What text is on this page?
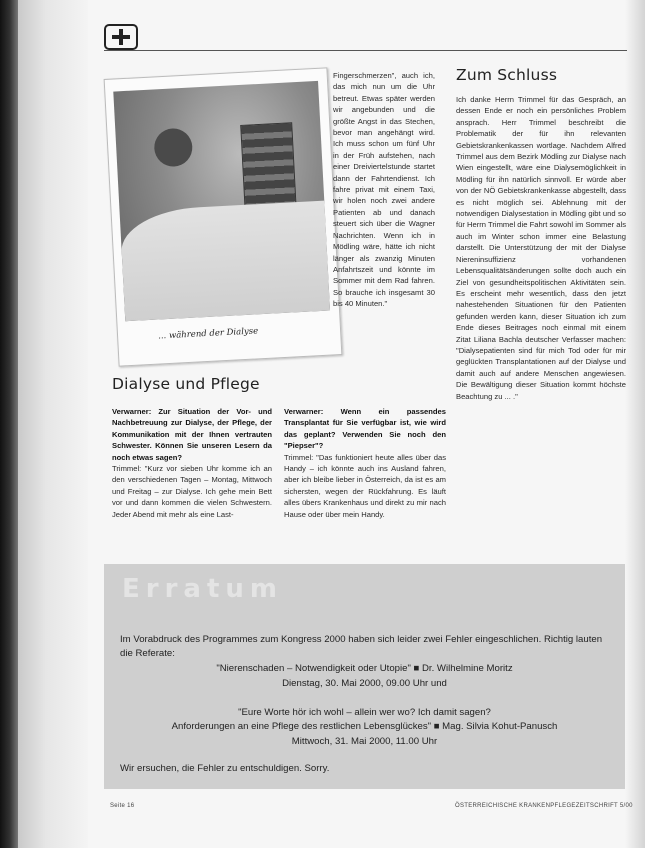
... während der Dialyse

Fingerschmerzen", auch ich, das mich nun um die Uhr betreut. Etwas später werden wir angebunden und die größte Angst in das Stechen, bevor man angehängt wird. Ich muss schon um fünf Uhr in der Früh aufstehen, nach einer Dreiviertelstunde startet dann der Fahrtendienst. Ich fahre privat mit einem Taxi, wir holen noch zwei andere Patienten ab und danach steuert sich über die Wagner Nachrichten. Wenn ich in Mödling wäre, hätte ich nicht länger als zwanzig Minuten Anfahrtszeit und könnte im Sommer mit dem Rad fahren. So brauche ich insgesamt 30 bis 40 Minuten."

Dialyse und Pflege

Verwarner: Zur Situation der Vor- und Nachbetreuung zur Dialyse, der Pflege, der Kommunikation mit der Ihnen vertrauten Schwester. Können Sie unseren Lesern da noch etwas sagen?

Trimmel: "Kurz vor sieben Uhr komme ich an den verschiedenen Tagen – Montag, Mittwoch und Freitag – zur Dialyse. Ich gehe mein Bett vor und dann kommen die vielen Schwestern. Jeder Abend mit mehr als eine Last-

Verwarner: Wenn ein passendes Transplantat für Sie verfügbar ist, wie wird das geplant? Verwenden Sie noch den "Piepser"?

Trimmel: "Das funktioniert heute alles über das Handy – ich könnte auch ins Ausland fahren, aber ich bleibe lieber in Österreich, da ist es am sichersten, wegen der Rückfahrung. Es läuft alles übers Krankenhaus und direkt zu mir nach Hause oder über mein Handy.

Zum Schluss

Ich danke Herrn Trimmel für das Gespräch, an dessen Ende er noch ein persönliches Problem ansprach. Herr Trimmel beschreibt die Problematik der für ihn relevanten Gebietskrankenkassen wortlage. Nachdem Alfred Trimmel aus dem Bezirk Mödling zur Dialyse nach Wien eingestellt, wäre eine Dialysemöglichkeit in Mödling für ihn natürlich sinnvoll. Er würde aber von der NÖ Gebietskrankenkasse abgestellt, dass es nicht möglich sei. Ablehnung mit der notwendigen Dialysestation in Mödling gibt und so für Herrn Trimmel die Fahrt sowohl im Sommer als auch im Winter schon immer eine Belastung darstellt. Die Unterstützung der mit der Dialyse Niereninsuffizienz vorhandenen Lebensqualitätsänderungen sollte doch auch ein Ziel von gesundheitspolitischen Aktivitäten sein. Es erscheint mehr wesentlich, dass den jetzt nahestehenden Situationen für den Patienten gefunden werden kann, dieser Situation ich zum Ende dieses Beitrages noch einmal mit einem Zitat Liliana Bachla deutscher Verfasser machen: "Dialysepatienten sind für mich Tod oder für mir geglückten Transplantationen auf der Dialyse und damit auch auf andere Menschen angewiesen. Die Bewältigung dieser Situation kommt höchste Beachtung zu ... ."

Erratum
Im Vorabdruck des Programmes zum Kongress 2000 haben sich leider zwei Fehler eingeschlichen. Richtig lauten
die Referate:
"Nierenschaden – Notwendigkeit oder Utopie" ■ Dr. Wilhelmine Moritz
Dienstag, 30. Mai 2000, 09.00 Uhr und
"Eure Worte hör ich wohl – allein wer wo? Ich damit sagen?
Anforderungen an eine Pflege des restlichen Lebensglückes" ■ Mag. Silvia Kohut-Panusch
Mittwoch, 31. Mai 2000, 11.00 Uhr
Wir ersuchen, die Fehler zu entschuldigen. Sorry.
Seite 16	ÖSTERREICHISCHE KRANKENPFLEGEZEITSCHRIFT 5/00
